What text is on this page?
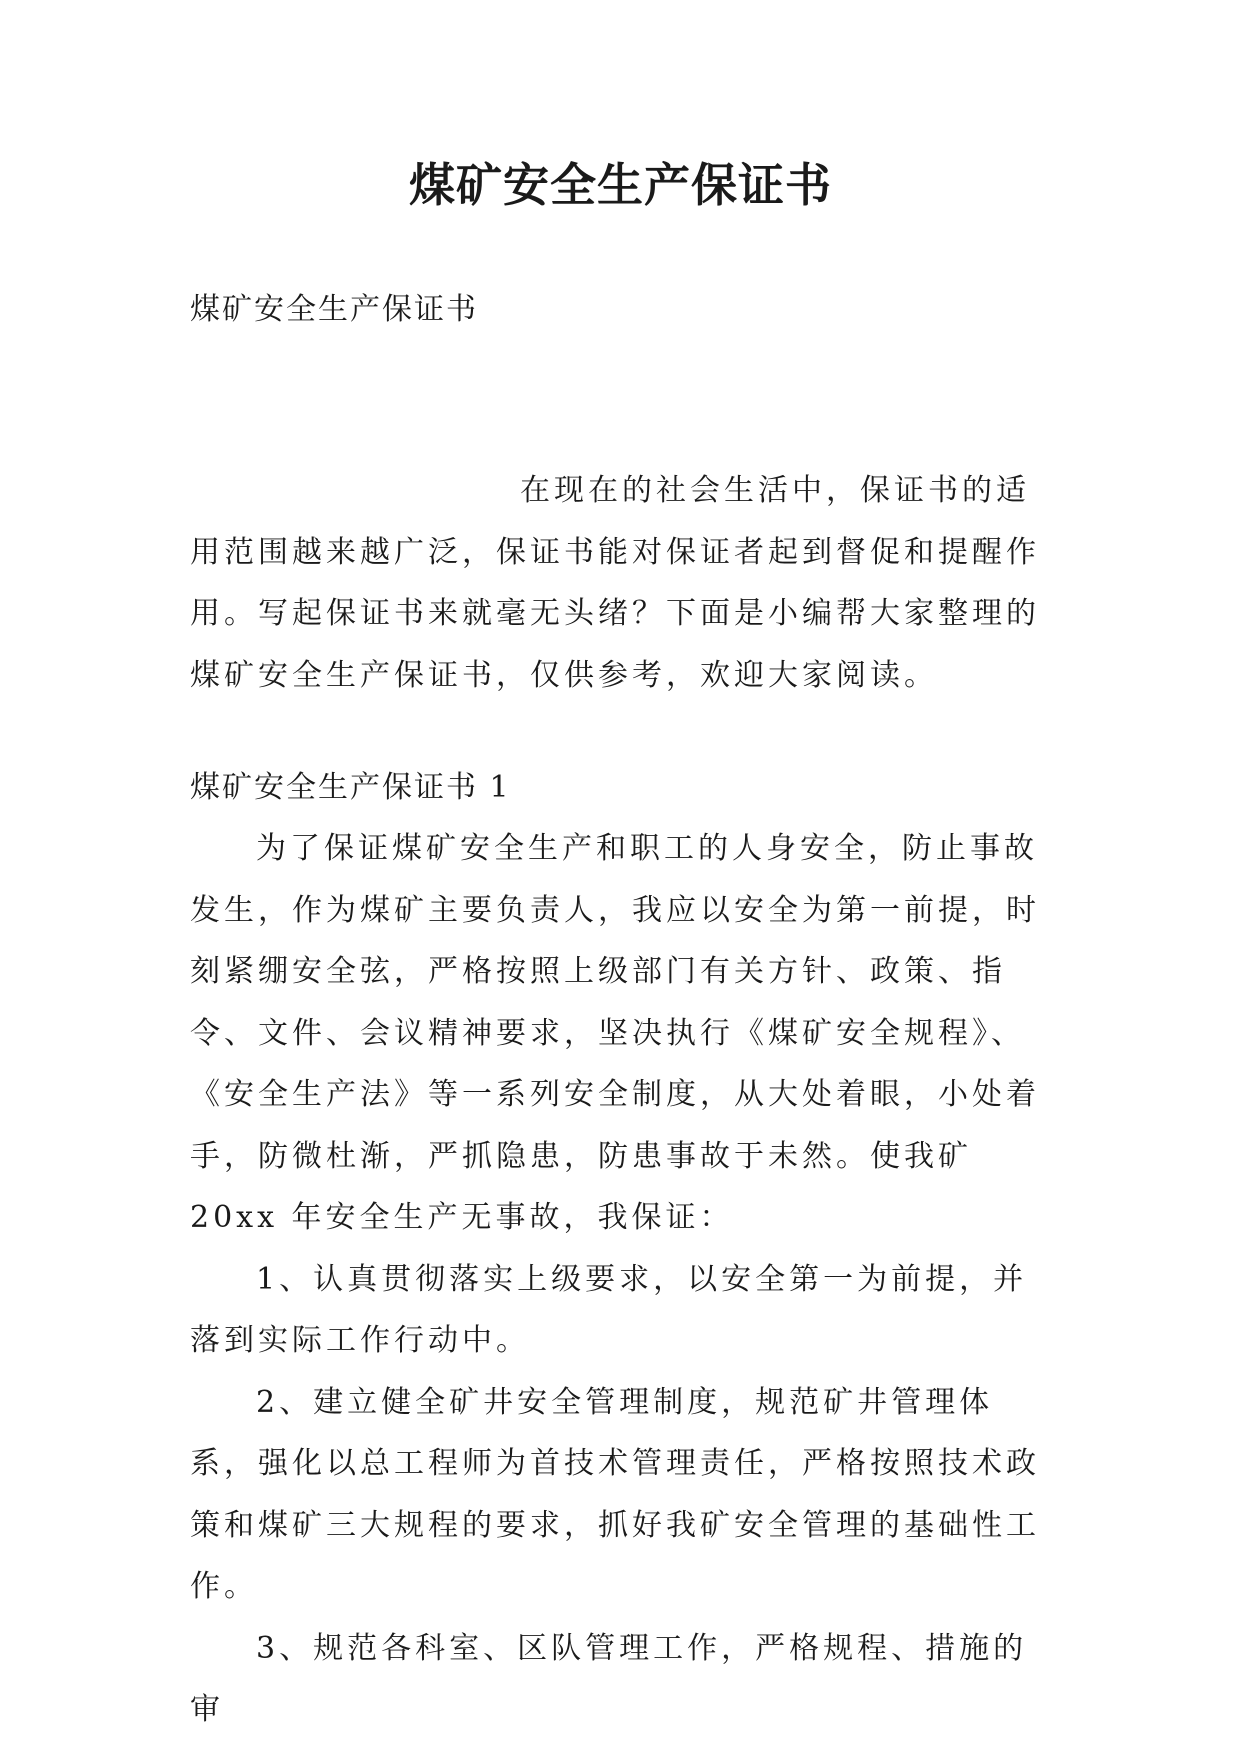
煤矿安全生产保证书
煤矿安全生产保证书
在现在的社会生活中，保证书的适用范围越来越广泛，保证书能对保证者起到督促和提醒作用。写起保证书来就毫无头绪？下面是小编帮大家整理的煤矿安全生产保证书，仅供参考，欢迎大家阅读。
煤矿安全生产保证书 1

为了保证煤矿安全生产和职工的人身安全，防止事故发生，作为煤矿主要负责人，我应以安全为第一前提，时刻紧绷安全弦，严格按照上级部门有关方针、政策、指令、文件、会议精神要求，坚决执行《煤矿安全规程》、《安全生产法》等一系列安全制度，从大处着眼，小处着手，防微杜渐，严抓隐患，防患事故于未然。使我矿 20xx 年安全生产无事故，我保证：

1、认真贯彻落实上级要求，以安全第一为前提，并落到实际工作行动中。

2、建立健全矿井安全管理制度，规范矿井管理体系，强化以总工程师为首技术管理责任，严格按照技术政策和煤矿三大规程的要求，抓好我矿安全管理的基础性工作。

3、规范各科室、区队管理工作，严格规程、措施的审
